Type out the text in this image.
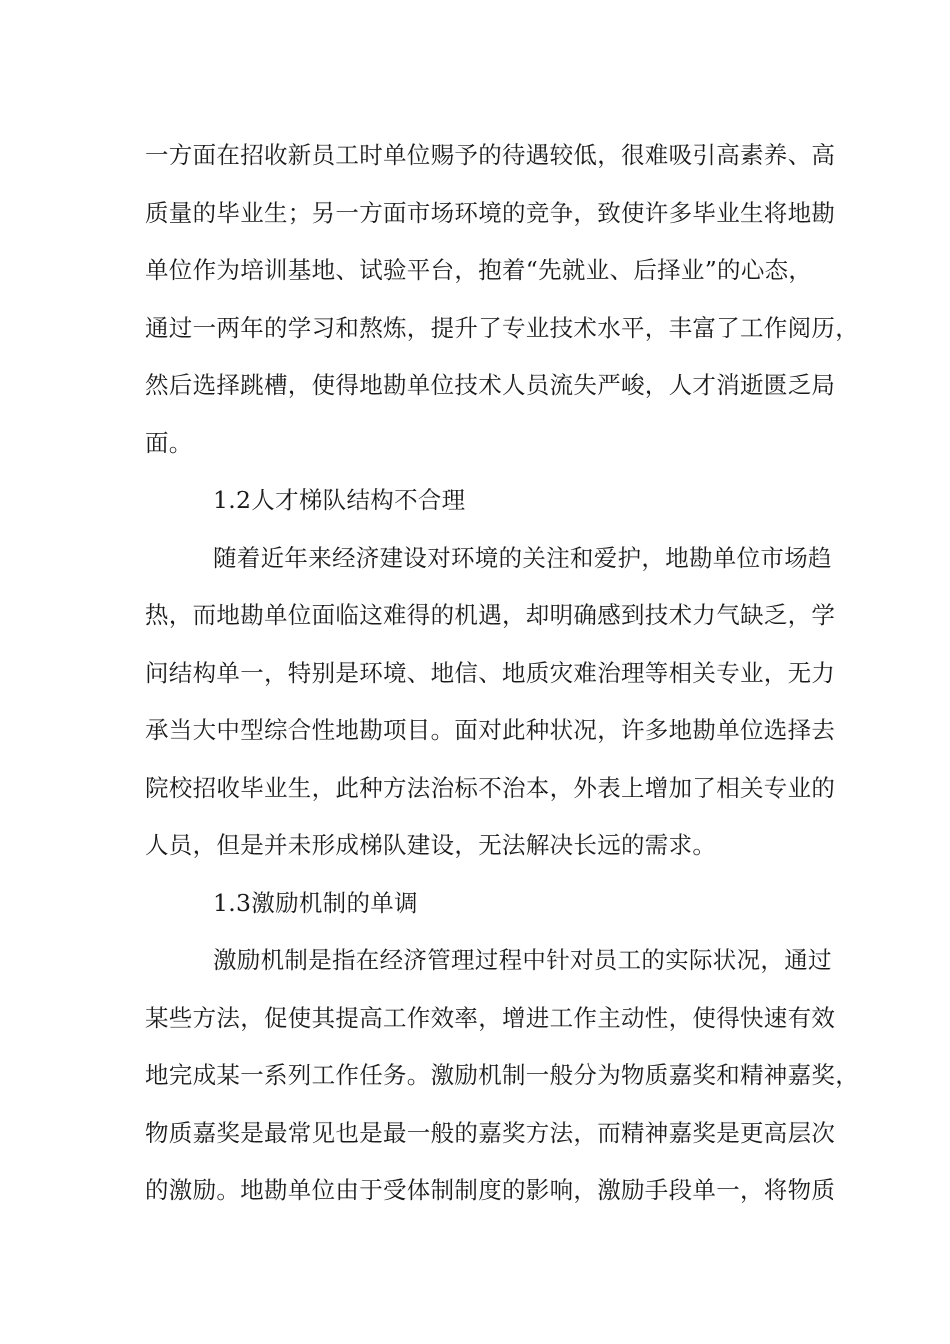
一方面在招收新员工时单位赐予的待遇较低，很难吸引高素养、高
质量的毕业生；另一方面市场环境的竞争，致使许多毕业生将地勘
单位作为培训基地、试验平台，抱着“先就业、后择业”的心态，
通过一两年的学习和熬炼，提升了专业技术水平，丰富了工作阅历，
然后选择跳槽，使得地勘单位技术人员流失严峻，人才消逝匮乏局
面。
1.2人才梯队结构不合理
随着近年来经济建设对环境的关注和爱护，地勘单位市场趋
热，而地勘单位面临这难得的机遇，却明确感到技术力气缺乏，学
问结构单一，特别是环境、地信、地质灾难治理等相关专业，无力
承当大中型综合性地勘项目。面对此种状况，许多地勘单位选择去
院校招收毕业生，此种方法治标不治本，外表上增加了相关专业的
人员，但是并未形成梯队建设，无法解决长远的需求。
1.3激励机制的单调
激励机制是指在经济管理过程中针对员工的实际状况，通过
某些方法，促使其提高工作效率，增进工作主动性，使得快速有效
地完成某一系列工作任务。激励机制一般分为物质嘉奖和精神嘉奖，
物质嘉奖是最常见也是最一般的嘉奖方法，而精神嘉奖是更高层次
的激励。地勘单位由于受体制制度的影响，激励手段单一，将物质
